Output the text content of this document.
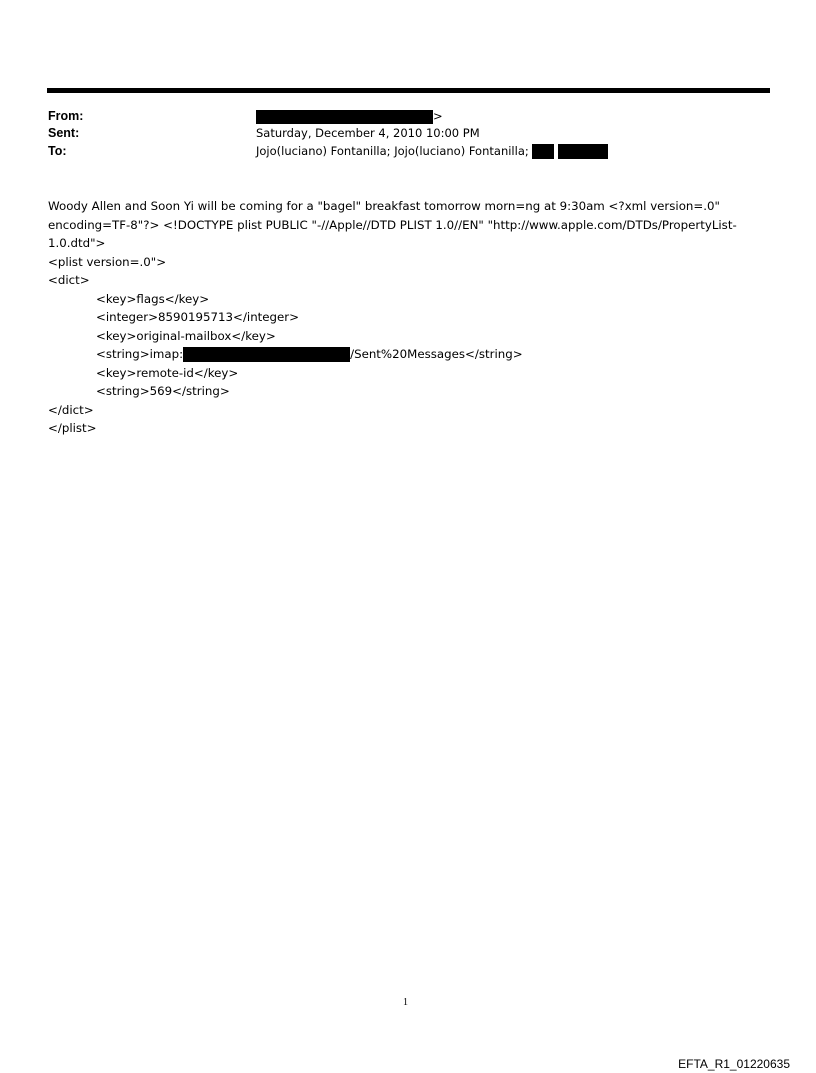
From:	>
Sent:	Saturday, December 4, 2010 10:00 PM
To:	Jojo(luciano) Fontanilla; Jojo(luciano) Fontanilla;
Woody Allen and Soon Yi will be coming for a "bagel" breakfast tomorrow morn=ng at 9:30am <?xml version=.0" encoding=TF-8"?> <!DOCTYPE plist PUBLIC "-//Apple//DTD PLIST 1.0//EN" "http://www.apple.com/DTDs/PropertyList-1.0.dtd">
<plist version=.0">
<dict>
<key>flags</key>
<integer>8590195713</integer>
<key>original-mailbox</key>
<string>imap:	/Sent%20Messages</string>
<key>remote-id</key>
<string>569</string>
</dict>
</plist>
1
EFTA_R1_01220635
